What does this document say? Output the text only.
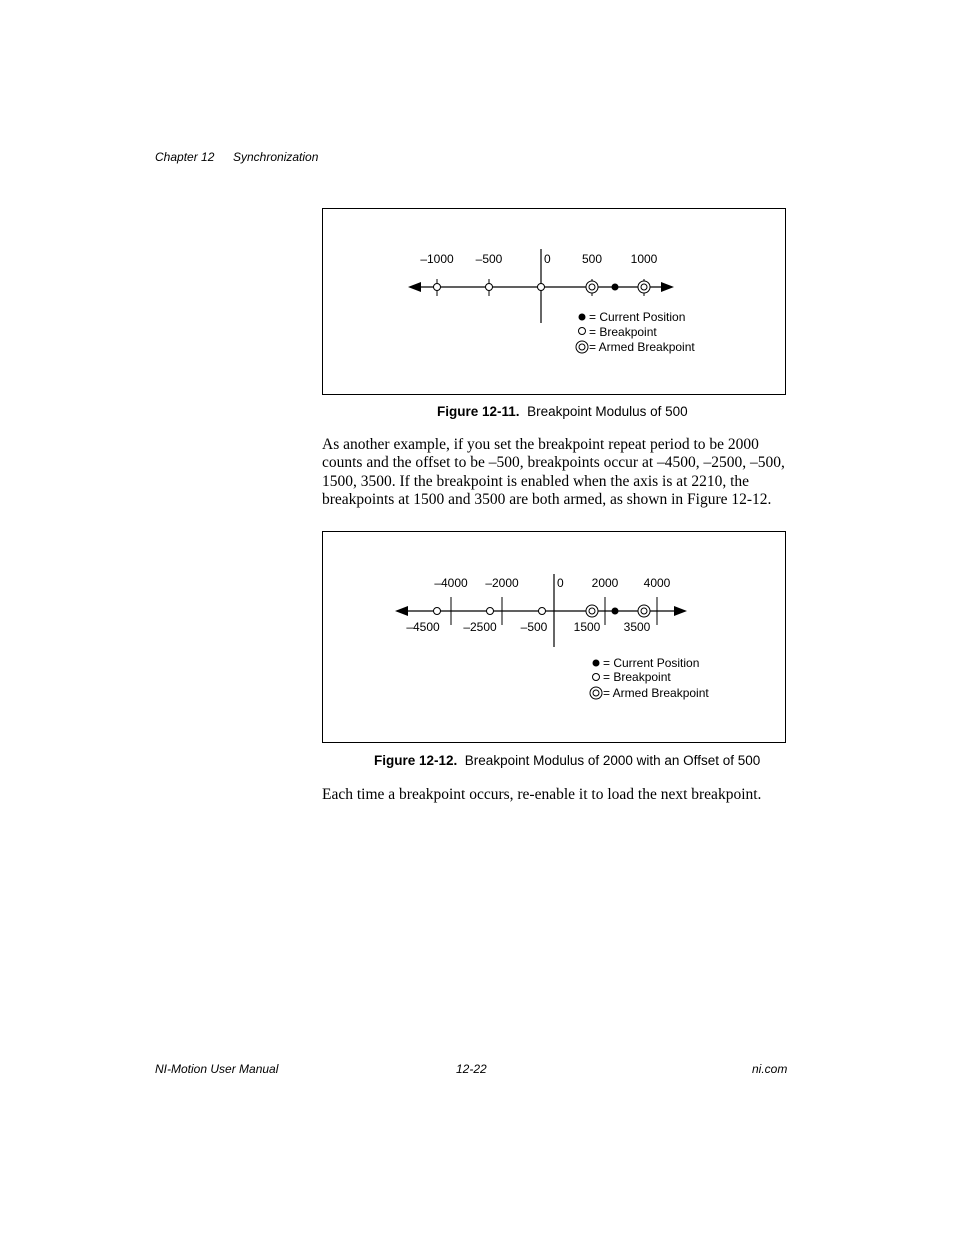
Chapter 12 Synchronization
–1000 –500	0	500 1000
= Current Position
= Breakpoint
= Armed Breakpoint
Figure 12-11. Breakpoint Modulus of 500
As another example, if you set the breakpoint repeat period to be 2000 counts and the offset to be –500, breakpoints occur at –4500, –2500, –500, 1500, 3500. If the breakpoint is enabled when the axis is at 2210, the breakpoints at 1500 and 3500 are both armed, as shown in Figure 12-12.
–4000 –2000	0 2000 4000
–4500 –2500 –500 1500 3500
= Current Position
= Breakpoint
= Armed Breakpoint
Figure 12-12. Breakpoint Modulus of 2000 with an Offset of 500
Each time a breakpoint occurs, re-enable it to load the next breakpoint.
NI-Motion User Manual	12-22	ni.com
